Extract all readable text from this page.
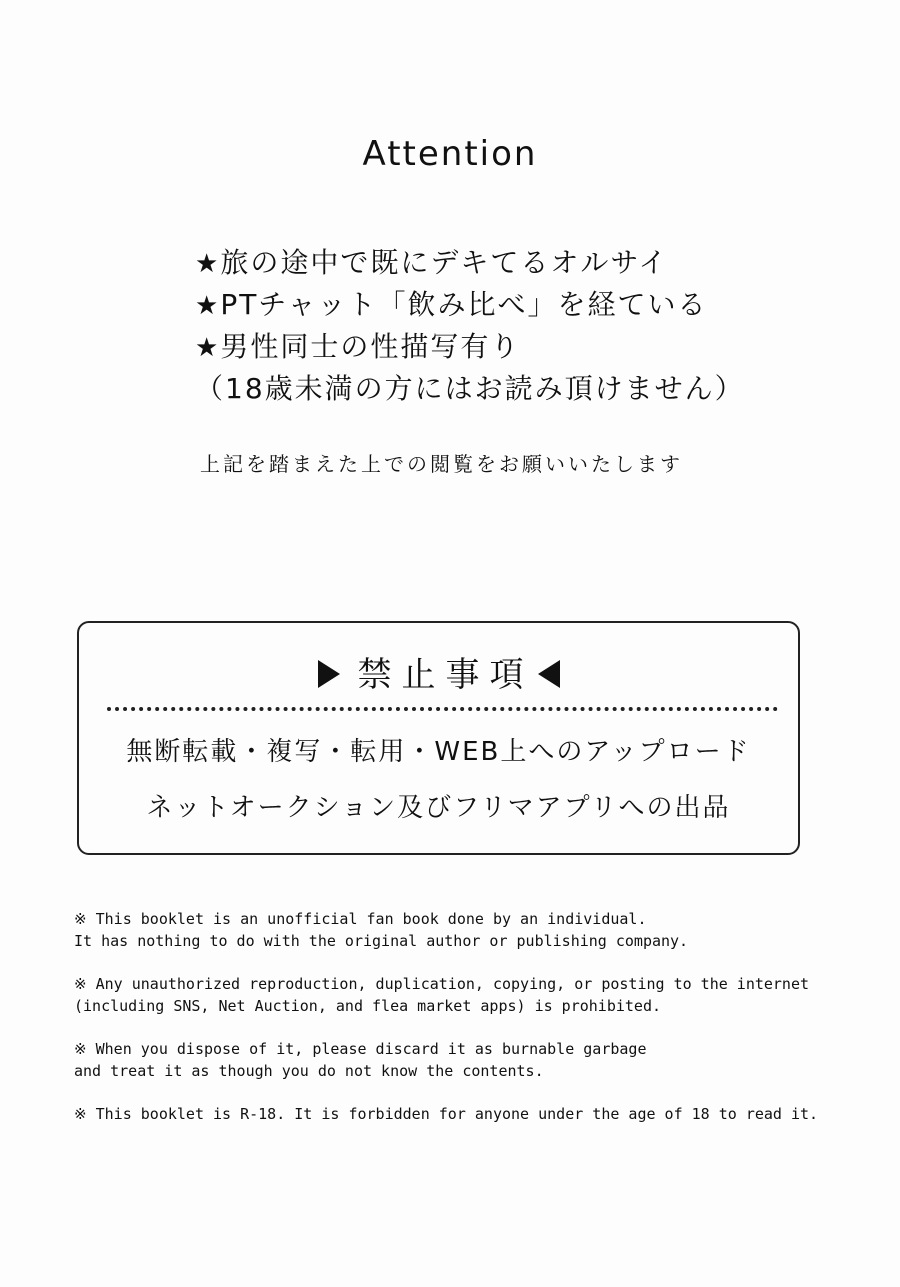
Attention
★旅の途中で既にデキてるオルサイ
★PTチャット「飲み比べ」を経ている
★男性同士の性描写有り
（18歳未満の方にはお読み頂けません）
上記を踏まえた上での閲覧をお願いいたします
禁止事項
無断転載・複写・転用・WEB上へのアップロード
ネットオークション及びフリマアプリへの出品
※ This booklet is an unofficial fan book done by an individual.
It has nothing to do with the original author or publishing company.
※ Any unauthorized reproduction, duplication, copying, or posting to the internet
(including SNS, Net Auction, and flea market apps) is prohibited.
※ When you dispose of it, please discard it as burnable garbage
and treat it as though you do not know the contents.
※ This booklet is R-18. It is forbidden for anyone under the age of 18 to read it.
